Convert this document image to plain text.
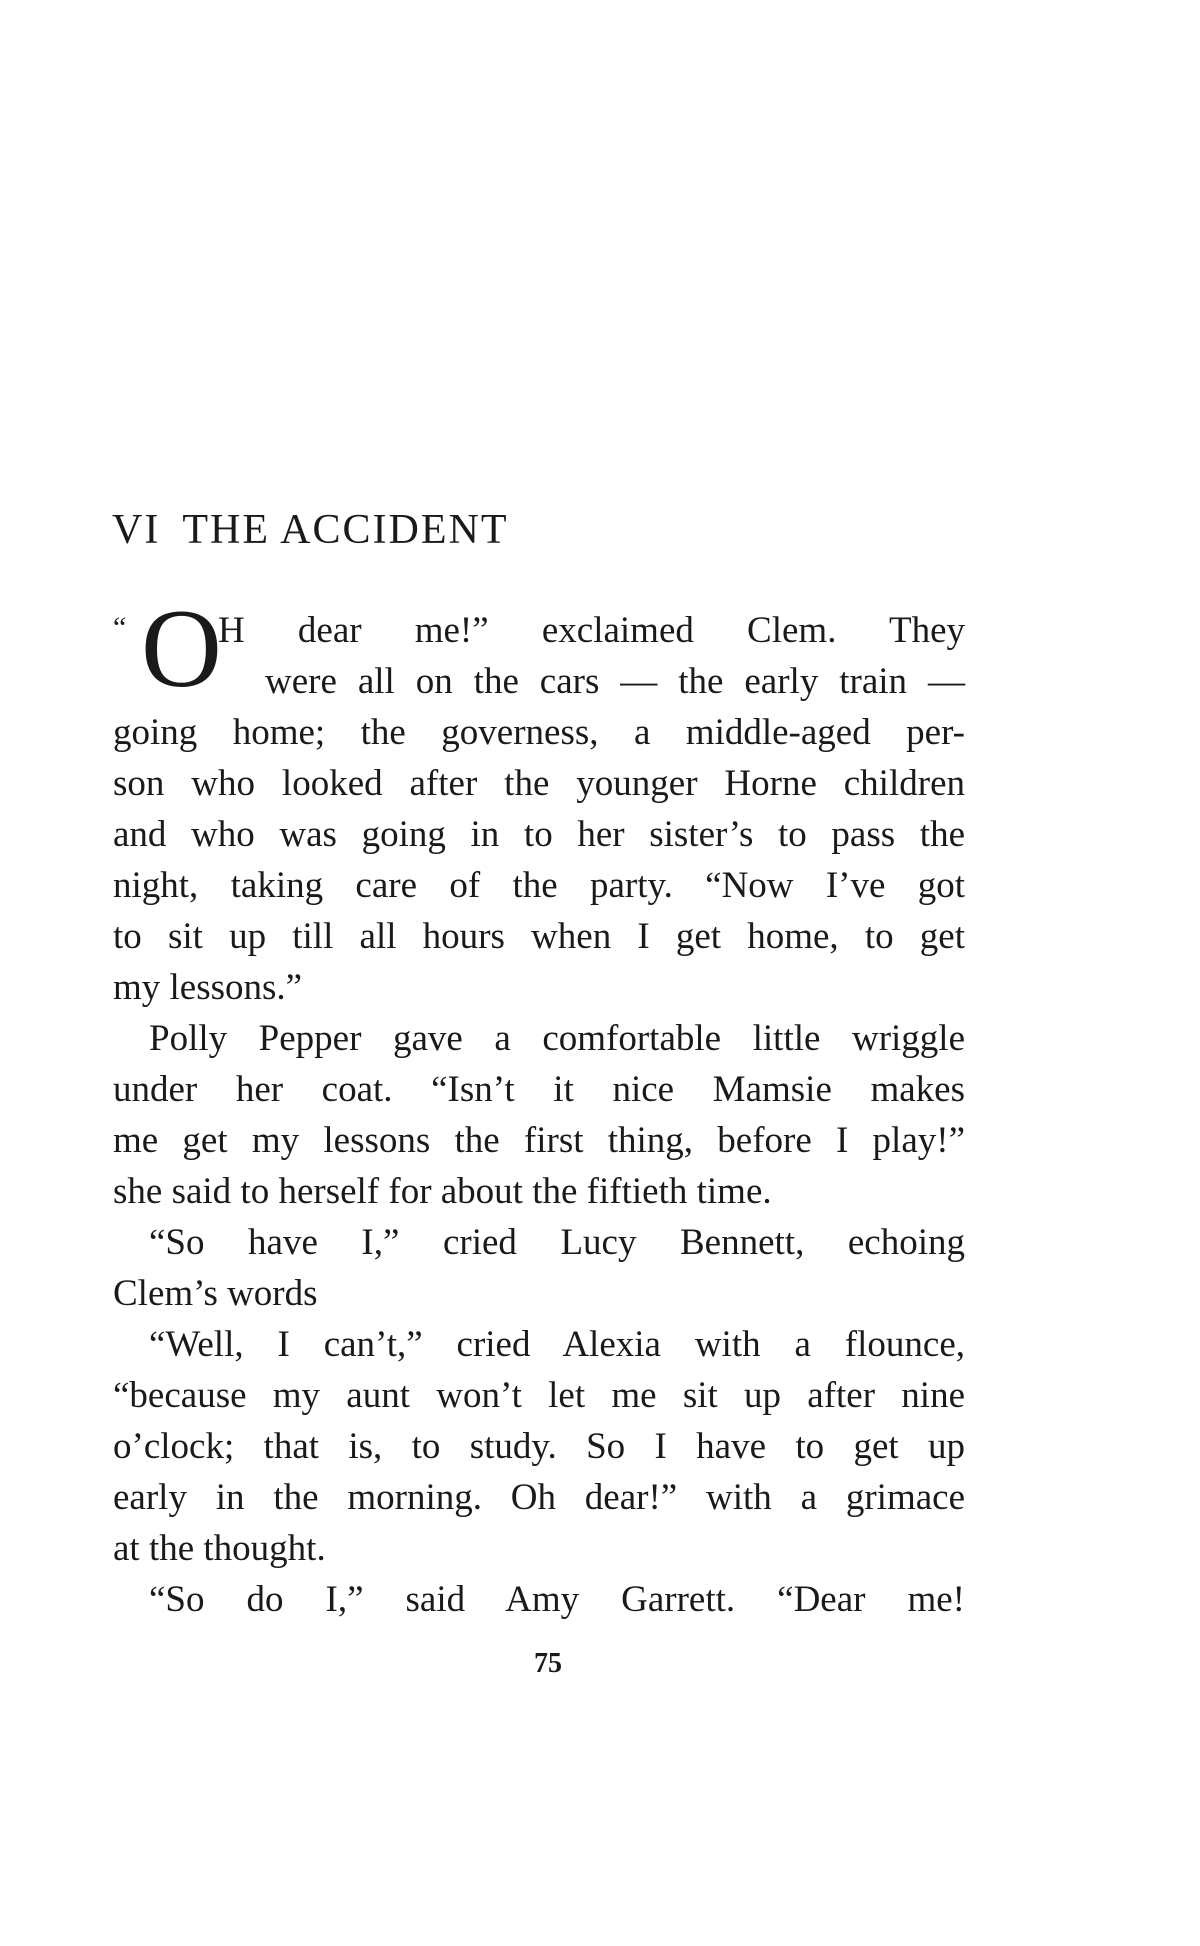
VI THE ACCIDENT
“ O
H dear me!” exclaimed Clem. They
were all on the cars — the early train —
going home; the governess, a middle-aged per-
son who looked after the younger Horne children
and who was going in to her sister’s to pass the
night, taking care of the party. “Now I’ve got
to sit up till all hours when I get home, to get
my lessons.”
Polly Pepper gave a comfortable little wriggle
under her coat. “Isn’t it nice Mamsie makes
me get my lessons the first thing, before I play!”
she said to herself for about the fiftieth time.
“So have I,” cried Lucy Bennett, echoing
Clem’s words
“Well, I can’t,” cried Alexia with a flounce,
“because my aunt won’t let me sit up after nine
o’clock; that is, to study. So I have to get up
early in the morning. Oh dear!” with a grimace
at the thought.
“So do I,” said Amy Garrett. “Dear me!
75
